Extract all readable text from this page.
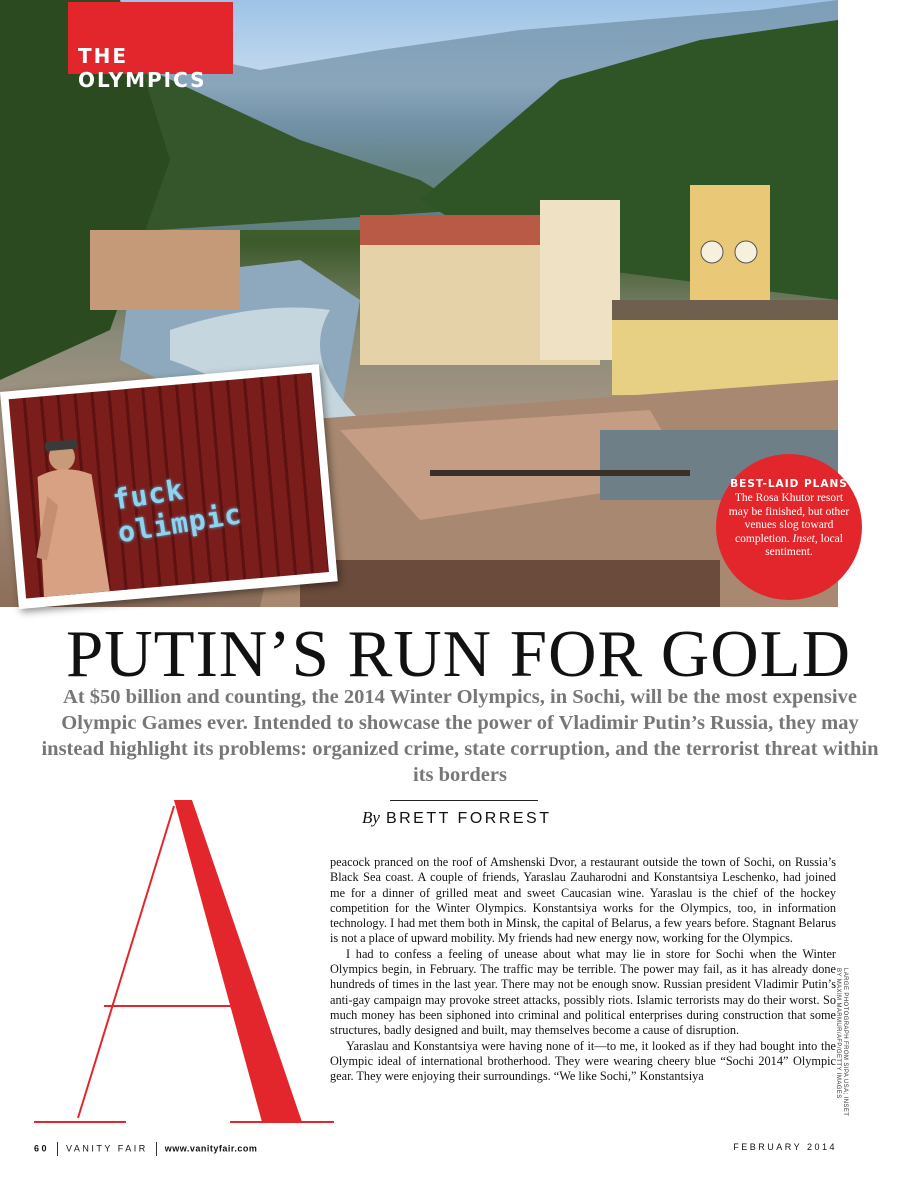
THE OLYMPICS
fuck olimpic
BEST-LAID PLANS
The Rosa Khutor resort may be finished, but other venues slog toward completion. Inset, local sentiment.
PUTIN’S RUN FOR GOLD
At $50 billion and counting, the 2014 Winter Olympics, in Sochi, will be the most expensive Olympic Games ever. Intended to showcase the power of Vladimir Putin’s Russia, they may instead highlight its problems: organized crime, state corruption, and the terrorist threat within its borders
By BRETT FORREST

peacock pranced on the roof of Amshenski Dvor, a restaurant outside the town of Sochi, on Russia’s Black Sea coast. A couple of friends, Yaraslau Zauharodni and Konstantsiya Leschenko, had joined me for a dinner of grilled meat and sweet Caucasian wine. Yaraslau is the chief of the hockey competition for the Winter Olympics. Konstantsiya works for the Olympics, too, in information technology. I had met them both in Minsk, the capital of Belarus, a few years before. Stagnant Belarus is not a place of upward mobility. My friends had new energy now, working for the Olympics.

I had to confess a feeling of unease about what may lie in store for Sochi when the Winter Olympics begin, in February. The traffic may be terrible. The power may fail, as it has already done hundreds of times in the last year. There may not be enough snow. Russian president Vladimir Putin’s anti-gay campaign may provoke street attacks, possibly riots. Islamic terrorists may do their worst. So much money has been siphoned into criminal and political enterprises during construction that some structures, badly designed and built, may themselves become a cause of disruption.

Yaraslau and Konstantsiya were having none of it—to me, it looked as if they had bought into the Olympic ideal of international brotherhood. They were wearing cheery blue “Sochi 2014” Olympic gear. They were enjoying their surroundings. “We like Sochi,” Konstantsiya	LARGE PHOTOGRAPH FROM SIPA USA; INSET
BY MAXIM MARMUR/AFP/GETTY IMAGES
60 VANITY FAIR www.vanityfair.com	FEBRUARY 2014
